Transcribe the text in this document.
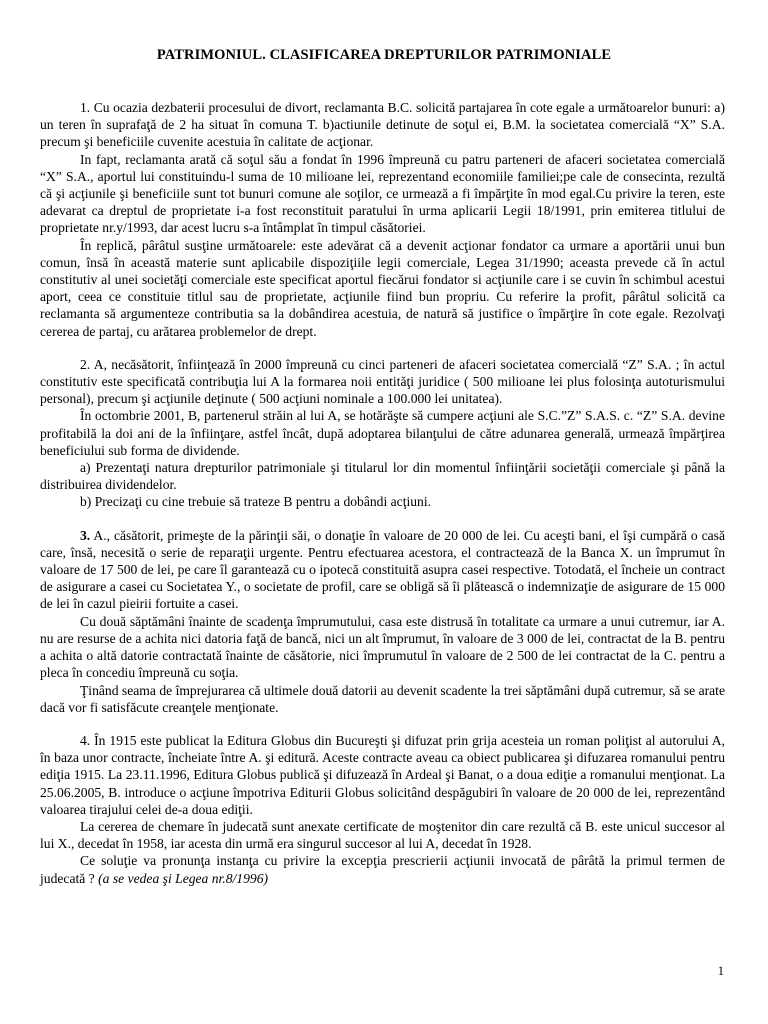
PATRIMONIUL. CLASIFICAREA DREPTURILOR PATRIMONIALE

1. Cu ocazia dezbaterii procesului de divort, reclamanta B.C. solicită partajarea în cote egale a următoarelor bunuri: a) un teren în suprafaţă de 2 ha situat în comuna T. b)actiunile detinute de soţul ei, B.M. la societatea comercială “X” S.A. precum şi beneficiile cuvenite acestuia în calitate de acţionar.

In fapt, reclamanta arată că soţul său a fondat în 1996 împreună cu patru parteneri de afaceri societatea comercială “X” S.A., aportul lui constituindu-l suma de 10 milioane lei, reprezentand economiile familiei;pe cale de consecinta, rezultă că şi acţiunile şi beneficiile sunt tot bunuri comune ale soţilor, ce urmează a fi împărţite în mod egal.Cu privire la teren, este adevarat ca dreptul de proprietate i-a fost reconstituit paratului în urma aplicarii Legii 18/1991, prin emiterea titlului de proprietate nr.y/1993, dar acest lucru s-a întâmplat în timpul căsătoriei.

În replică, pârâtul susţine următoarele: este adevărat că a devenit acţionar fondator ca urmare a aportării unui bun comun, însă în această materie sunt aplicabile dispoziţiile legii comerciale, Legea 31/1990; aceasta prevede că în actul constitutiv al unei societăţi comerciale este specificat aportul fiecărui fondator si acţiunile care i se cuvin în schimbul acestui aport, ceea ce constituie titlul sau de proprietate, acţiunile fiind bun propriu. Cu referire la profit, pârâtul solicită ca reclamanta să argumenteze contributia sa la dobândirea acestuia, de natură să justifice o împărţire în cote egale. Rezolvaţi cererea de partaj, cu arătarea problemelor de drept.

2. A, necăsătorit, înfiinţează în 2000 împreună cu cinci parteneri de afaceri societatea comercială “Z” S.A. ; în actul constitutiv este specificată contribuţia lui A la formarea noii entităţi juridice ( 500 milioane lei plus folosinţa autoturismului personal), precum şi acţiunile deţinute ( 500 acţiuni nominale a 100.000 lei unitatea).

În octombrie 2001, B, partenerul străin al lui A, se hotărăşte să cumpere acţiuni ale S.C.”Z” S.A.S. c. “Z” S.A. devine profitabilă la doi ani de la înfiinţare, astfel încât, după adoptarea bilanţului de către adunarea generală, urmează împărţirea beneficiului sub forma de dividende.

a) Prezentaţi natura drepturilor patrimoniale şi titularul lor din momentul înfiinţării societăţii comerciale şi până la distribuirea dividendelor.

b) Precizaţi cu cine trebuie să trateze B pentru a dobândi acţiuni.

3. A., căsătorit, primeşte de la părinţii săi, o donaţie în valoare de 20 000 de lei. Cu aceşti bani, el îşi cumpără o casă care, însă, necesită o serie de reparaţii urgente. Pentru efectuarea acestora, el contractează de la Banca X. un împrumut în valoare de 17 500 de lei, pe care îl garantează cu o ipotecă constituită asupra casei respective. Totodată, el încheie un contract de asigurare a casei cu Societatea Y., o societate de profil, care se obligă să îi plătească o indemnizaţie de asigurare de 15 000 de lei în cazul pieirii fortuite a casei.

Cu două săptămâni înainte de scadenţa împrumutului, casa este distrusă în totalitate ca urmare a unui cutremur, iar A. nu are resurse de a achita nici datoria faţă de bancă, nici un alt împrumut, în valoare de 3 000 de lei, contractat de la B. pentru a achita o altă datorie contractată înainte de căsătorie, nici împrumutul în valoare de 2 500 de lei contractat de la C. pentru a pleca în concediu împreună cu soţia.

Ţinând seama de împrejurarea că ultimele două datorii au devenit scadente la trei săptămâni după cutremur, să se arate dacă vor fi satisfăcute creanţele menţionate.

4. În 1915 este publicat la Editura Globus din Bucureşti şi difuzat prin grija acesteia un roman poliţist al autorului A, în baza unor contracte, încheiate între A. şi editură. Aceste contracte aveau ca obiect publicarea şi difuzarea romanului pentru ediţia 1915. La 23.11.1996, Editura Globus publică şi difuzează în Ardeal şi Banat, o a doua ediţie a romanului menţionat. La 25.06.2005, B. introduce o acţiune împotriva Editurii Globus solicitând despăgubiri în valoare de 20 000 de lei, reprezentând valoarea tirajului celei de-a doua ediţii.

La cererea de chemare în judecată sunt anexate certificate de moştenitor din care rezultă că B. este unicul succesor al lui X., decedat în 1958, iar acesta din urmă era singurul succesor al lui A, decedat în 1928.

Ce soluţie va pronunţa instanţa cu privire la excepţia prescrierii acţiunii invocată de pârâtă la primul termen de judecată ? (a se vedea şi Legea nr.8/1996)

1
